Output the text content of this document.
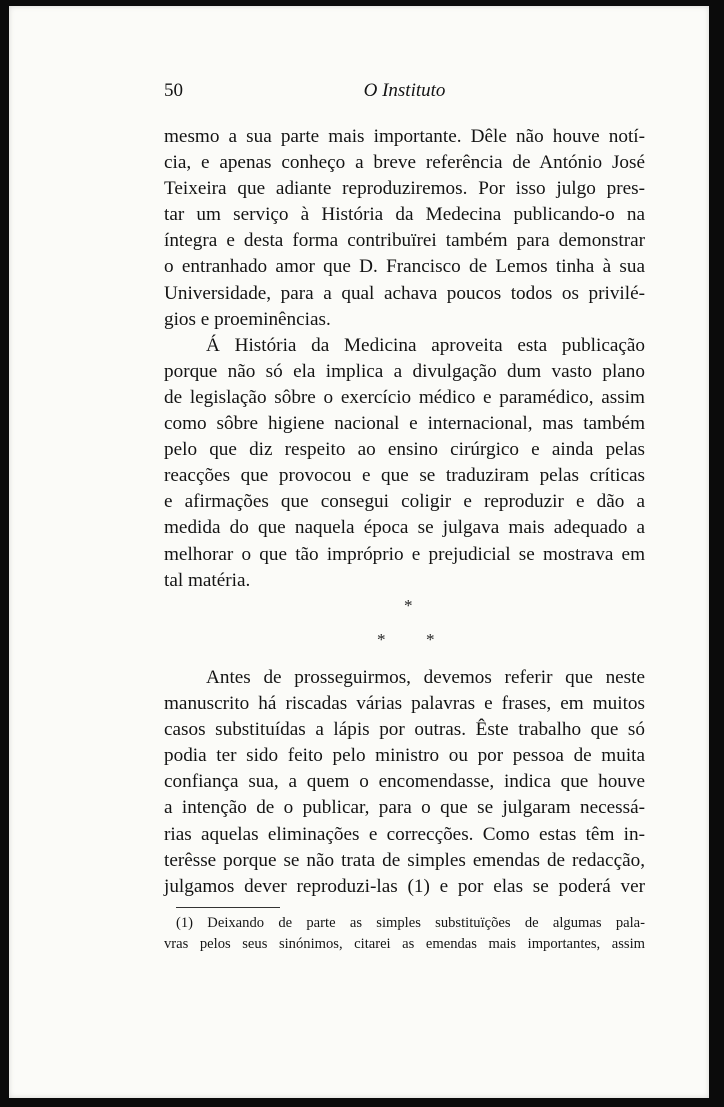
50	O Instituto

mesmo a sua parte mais importante. Dêle não houve notí-
cia, e apenas conheço a breve referência de António José
Teixeira que adiante reproduziremos. Por isso julgo pres-
tar um serviço à História da Medecina publicando-o na
íntegra e desta forma contribuïrei também para demonstrar
o entranhado amor que D. Francisco de Lemos tinha à sua
Universidade, para a qual achava poucos todos os privilé-
gios e proeminências.

Á História da Medicina aproveita esta publicação
porque não só ela implica a divulgação dum vasto plano
de legislação sôbre o exercício médico e paramédico, assim
como sôbre higiene nacional e internacional, mas também
pelo que diz respeito ao ensino cirúrgico e ainda pelas
reacções que provocou e que se traduziram pelas críticas
e afirmações que consegui coligir e reproduzir e dão a
medida do que naquela época se julgava mais adequado a
melhorar o que tão impróprio e prejudicial se mostrava em
tal matéria.

*
* *

Antes de prosseguirmos, devemos referir que neste
manuscrito há riscadas várias palavras e frases, em muitos
casos substituídas a lápis por outras. Êste trabalho que só
podia ter sido feito pelo ministro ou por pessoa de muita
confiança sua, a quem o encomendasse, indica que houve
a intenção de o publicar, para o que se julgaram necessá-
rias aquelas eliminações e correcções. Como estas têm in-
terêsse porque se não trata de simples emendas de redacção,
julgamos dever reproduzi-las (1) e por elas se poderá ver

(1) Deixando de parte as simples substituïções de algumas pala-
vras pelos seus sinónimos, citarei as emendas mais importantes, assim
